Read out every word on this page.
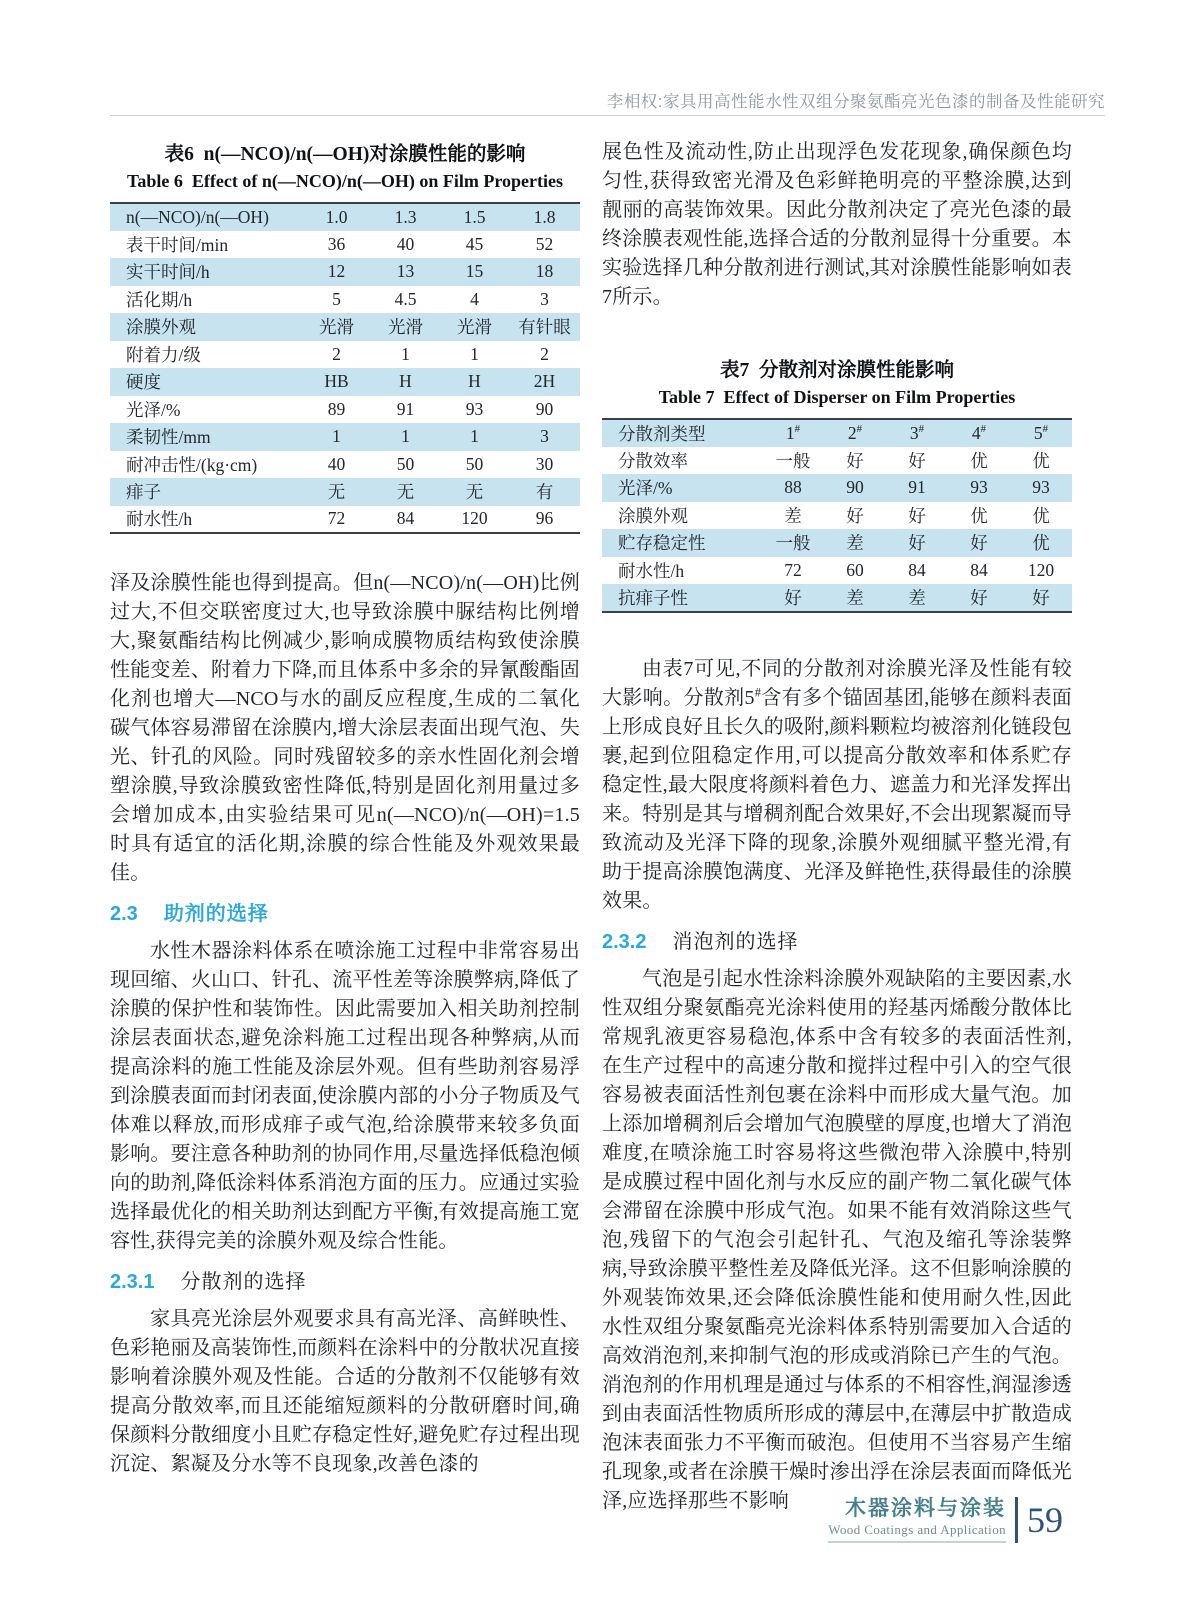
李相权:家具用高性能水性双组分聚氨酯亮光色漆的制备及性能研究
表6  n(—NCO)/n(—OH)对涂膜性能的影响
Table 6  Effect of n(—NCO)/n(—OH) on Film Properties
n(—NCO)/n(—OH)	1.0	1.3	1.5	1.8
表干时间/min	36	40	45	52
实干时间/h	12	13	15	18
活化期/h	5	4.5	4	3
涂膜外观	光滑	光滑	光滑	有针眼
附着力/级	2	1	1	2
硬度	HB	H	H	2H
光泽/%	89	91	93	90
柔韧性/mm	1	1	1	3
耐冲击性/(kg·cm)	40	50	50	30
痱子	无	无	无	有
耐水性/h	72	84	120	96

泽及涂膜性能也得到提高。但n(—NCO)/n(—OH)比例过大,不但交联密度过大,也导致涂膜中脲结构比例增大,聚氨酯结构比例减少,影响成膜物质结构致使涂膜性能变差、附着力下降,而且体系中多余的异氰酸酯固化剂也增大—NCO与水的副反应程度,生成的二氧化碳气体容易滞留在涂膜内,增大涂层表面出现气泡、失光、针孔的风险。同时残留较多的亲水性固化剂会增塑涂膜,导致涂膜致密性降低,特别是固化剂用量过多会增加成本,由实验结果可见n(—NCO)/n(—OH)=1.5时具有适宜的活化期,涂膜的综合性能及外观效果最佳。

2.3 助剂的选择

水性木器涂料体系在喷涂施工过程中非常容易出现回缩、火山口、针孔、流平性差等涂膜弊病,降低了涂膜的保护性和装饰性。因此需要加入相关助剂控制涂层表面状态,避免涂料施工过程出现各种弊病,从而提高涂料的施工性能及涂层外观。但有些助剂容易浮到涂膜表面而封闭表面,使涂膜内部的小分子物质及气体难以释放,而形成痱子或气泡,给涂膜带来较多负面影响。要注意各种助剂的协同作用,尽量选择低稳泡倾向的助剂,降低涂料体系消泡方面的压力。应通过实验选择最优化的相关助剂达到配方平衡,有效提高施工宽容性,获得完美的涂膜外观及综合性能。

2.3.1 分散剂的选择

家具亮光涂层外观要求具有高光泽、高鲜映性、色彩艳丽及高装饰性,而颜料在涂料中的分散状况直接影响着涂膜外观及性能。合适的分散剂不仅能够有效提高分散效率,而且还能缩短颜料的分散研磨时间,确保颜料分散细度小且贮存稳定性好,避免贮存过程出现沉淀、絮凝及分水等不良现象,改善色漆的

展色性及流动性,防止出现浮色发花现象,确保颜色均匀性,获得致密光滑及色彩鲜艳明亮的平整涂膜,达到靓丽的高装饰效果。因此分散剂决定了亮光色漆的最终涂膜表观性能,选择合适的分散剂显得十分重要。本实验选择几种分散剂进行测试,其对涂膜性能影响如表7所示。

表7  分散剂对涂膜性能影响
Table 7  Effect of Disperser on Film Properties
分散剂类型	1#	2#	3#	4#	5#
分散效率	一般	好	好	优	优
光泽/%	88	90	91	93	93
涂膜外观	差	好	好	优	优
贮存稳定性	一般	差	好	好	优
耐水性/h	72	60	84	84	120
抗痱子性	好	差	差	好	好

由表7可见,不同的分散剂对涂膜光泽及性能有较大影响。分散剂5#含有多个锚固基团,能够在颜料表面上形成良好且长久的吸附,颜料颗粒均被溶剂化链段包裹,起到位阻稳定作用,可以提高分散效率和体系贮存稳定性,最大限度将颜料着色力、遮盖力和光泽发挥出来。特别是其与增稠剂配合效果好,不会出现絮凝而导致流动及光泽下降的现象,涂膜外观细腻平整光滑,有助于提高涂膜饱满度、光泽及鲜艳性,获得最佳的涂膜效果。

2.3.2 消泡剂的选择

气泡是引起水性涂料涂膜外观缺陷的主要因素,水性双组分聚氨酯亮光涂料使用的羟基丙烯酸分散体比常规乳液更容易稳泡,体系中含有较多的表面活性剂,在生产过程中的高速分散和搅拌过程中引入的空气很容易被表面活性剂包裹在涂料中而形成大量气泡。加上添加增稠剂后会增加气泡膜壁的厚度,也增大了消泡难度,在喷涂施工时容易将这些微泡带入涂膜中,特别是成膜过程中固化剂与水反应的副产物二氧化碳气体会滞留在涂膜中形成气泡。如果不能有效消除这些气泡,残留下的气泡会引起针孔、气泡及缩孔等涂装弊病,导致涂膜平整性差及降低光泽。这不但影响涂膜的外观装饰效果,还会降低涂膜性能和使用耐久性,因此水性双组分聚氨酯亮光涂料体系特别需要加入合适的高效消泡剂,来抑制气泡的形成或消除已产生的气泡。消泡剂的作用机理是通过与体系的不相容性,润湿渗透到由表面活性物质所形成的薄层中,在薄层中扩散造成泡沫表面张力不平衡而破泡。但使用不当容易产生缩孔现象,或者在涂膜干燥时渗出浮在涂层表面而降低光泽,应选择那些不影响	木器涂料与涂装
Wood Coatings and Application 59
